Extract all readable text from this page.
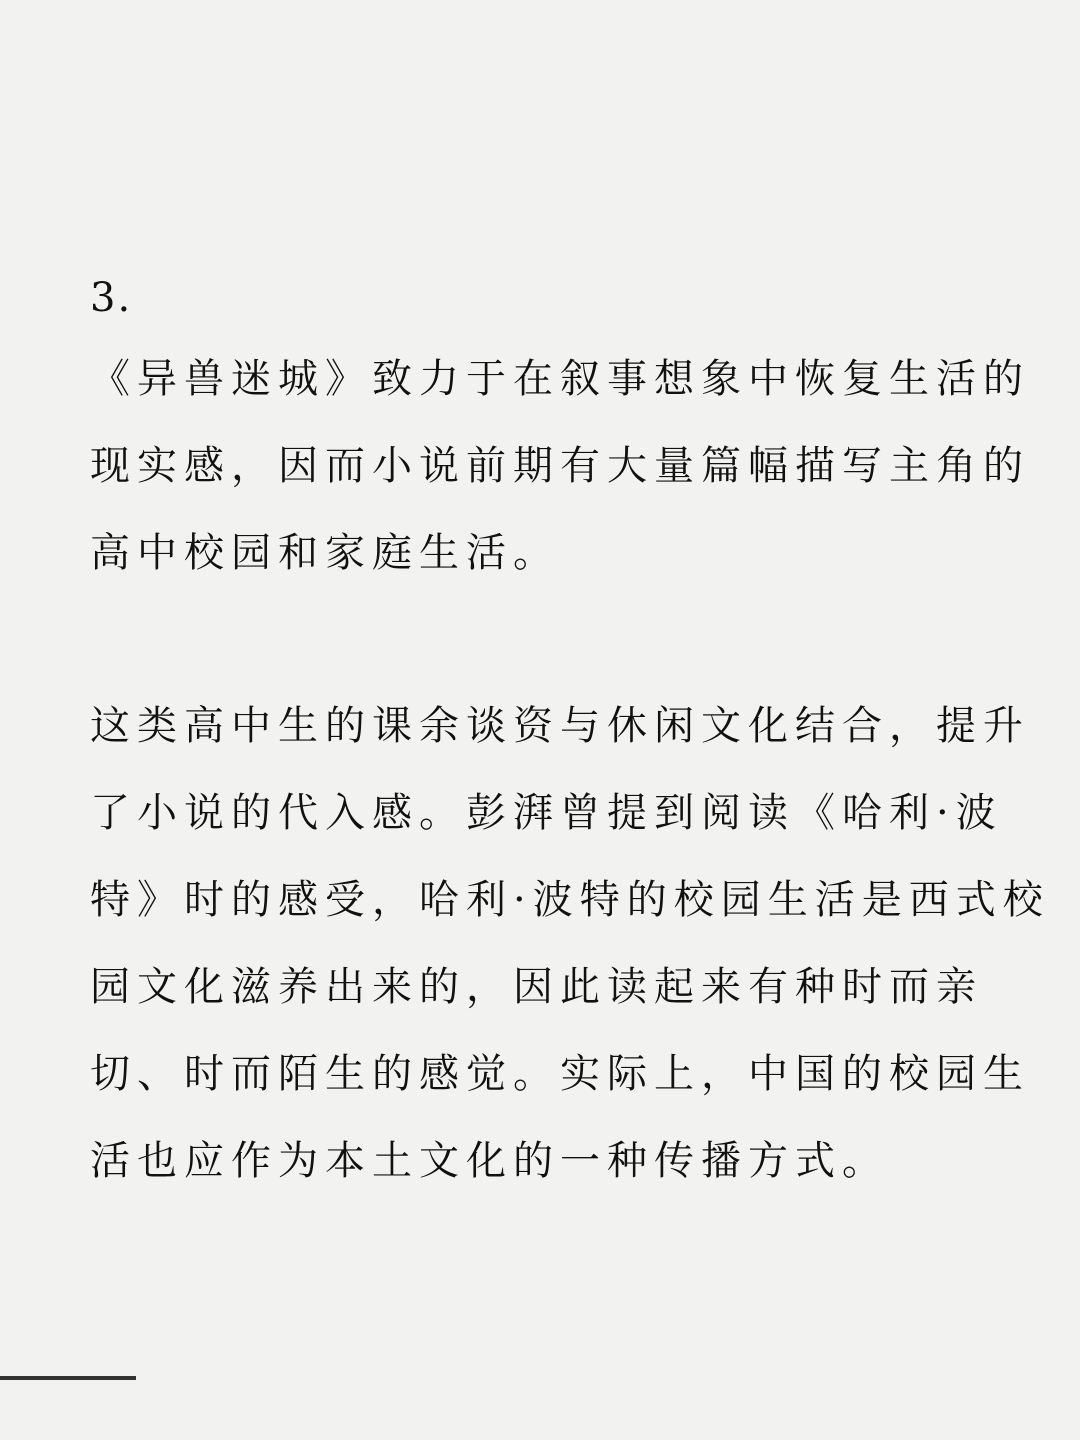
3.

《异兽迷城》致力于在叙事想象中恢复生活的
现实感，因而小说前期有大量篇幅描写主角的
高中校园和家庭生活。

这类高中生的课余谈资与休闲文化结合，提升
了小说的代入感。彭湃曾提到阅读《哈利·波
特》时的感受，哈利·波特的校园生活是西式校
园文化滋养出来的，因此读起来有种时而亲
切、时而陌生的感觉。实际上，中国的校园生
活也应作为本土文化的一种传播方式。
